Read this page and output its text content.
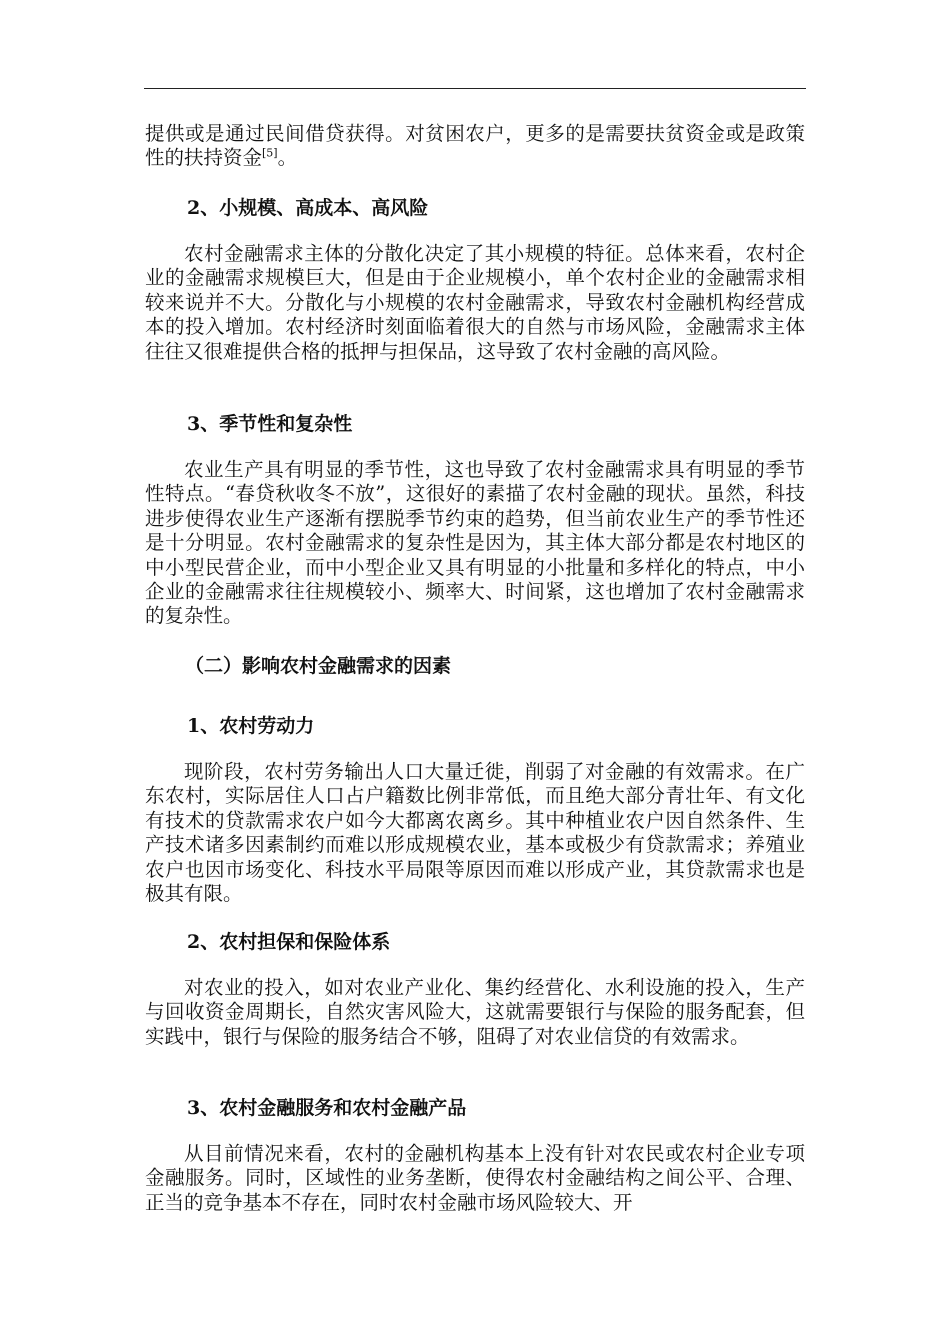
提供或是通过民间借贷获得。对贫困农户，更多的是需要扶贫资金或是政策性的扶持资金[5]。

2、小规模、高成本、高风险

农村金融需求主体的分散化决定了其小规模的特征。总体来看，农村企业的金融需求规模巨大，但是由于企业规模小，单个农村企业的金融需求相较来说并不大。分散化与小规模的农村金融需求，导致农村金融机构经营成本的投入增加。农村经济时刻面临着很大的自然与市场风险，金融需求主体往往又很难提供合格的抵押与担保品，这导致了农村金融的高风险。

3、季节性和复杂性

农业生产具有明显的季节性，这也导致了农村金融需求具有明显的季节性特点。“春贷秋收冬不放”，这很好的素描了农村金融的现状。虽然，科技进步使得农业生产逐渐有摆脱季节约束的趋势，但当前农业生产的季节性还是十分明显。农村金融需求的复杂性是因为，其主体大部分都是农村地区的中小型民营企业，而中小型企业又具有明显的小批量和多样化的特点，中小企业的金融需求往往规模较小、频率大、时间紧，这也增加了农村金融需求的复杂性。

（二）影响农村金融需求的因素
1、农村劳动力

现阶段，农村劳务输出人口大量迁徙，削弱了对金融的有效需求。在广东农村，实际居住人口占户籍数比例非常低，而且绝大部分青壮年、有文化有技术的贷款需求农户如今大都离农离乡。其中种植业农户因自然条件、生产技术诸多因素制约而难以形成规模农业，基本或极少有贷款需求；养殖业农户也因市场变化、科技水平局限等原因而难以形成产业，其贷款需求也是极其有限。

2、农村担保和保险体系

对农业的投入，如对农业产业化、集约经营化、水利设施的投入，生产与回收资金周期长，自然灾害风险大，这就需要银行与保险的服务配套，但实践中，银行与保险的服务结合不够，阻碍了对农业信贷的有效需求。

3、农村金融服务和农村金融产品

从目前情况来看，农村的金融机构基本上没有针对农民或农村企业专项金融服务。同时，区域性的业务垄断，使得农村金融结构之间公平、合理、正当的竞争基本不存在，同时农村金融市场风险较大、开
